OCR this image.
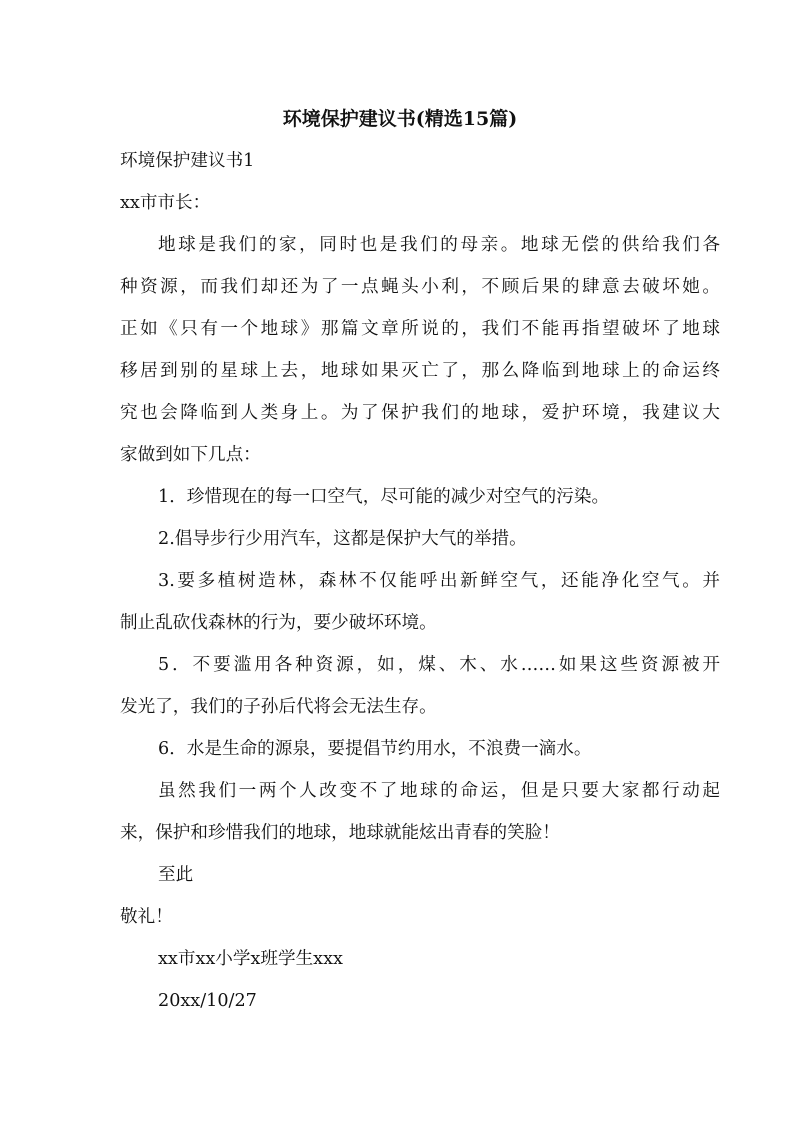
环境保护建议书(精选15篇)

环境保护建议书1

xx市市长：

地球是我们的家，同时也是我们的母亲。地球无偿的供给我们各

种资源，而我们却还为了一点蝇头小利，不顾后果的肆意去破坏她。

正如《只有一个地球》那篇文章所说的，我们不能再指望破坏了地球

移居到别的星球上去，地球如果灭亡了，那么降临到地球上的命运终

究也会降临到人类身上。为了保护我们的地球，爱护环境，我建议大

家做到如下几点：

1．珍惜现在的每一口空气，尽可能的减少对空气的污染。

2.倡导步行少用汽车，这都是保护大气的举措。

3.要多植树造林，森林不仅能呼出新鲜空气，还能净化空气。并

制止乱砍伐森林的行为，要少破坏环境。

5．不要滥用各种资源，如，煤、木、水……如果这些资源被开

发光了，我们的子孙后代将会无法生存。

6．水是生命的源泉，要提倡节约用水，不浪费一滴水。

虽然我们一两个人改变不了地球的命运，但是只要大家都行动起

来，保护和珍惜我们的地球，地球就能炫出青春的笑脸！

至此

敬礼！

xx市xx小学x班学生xxx

20xx/10/27
